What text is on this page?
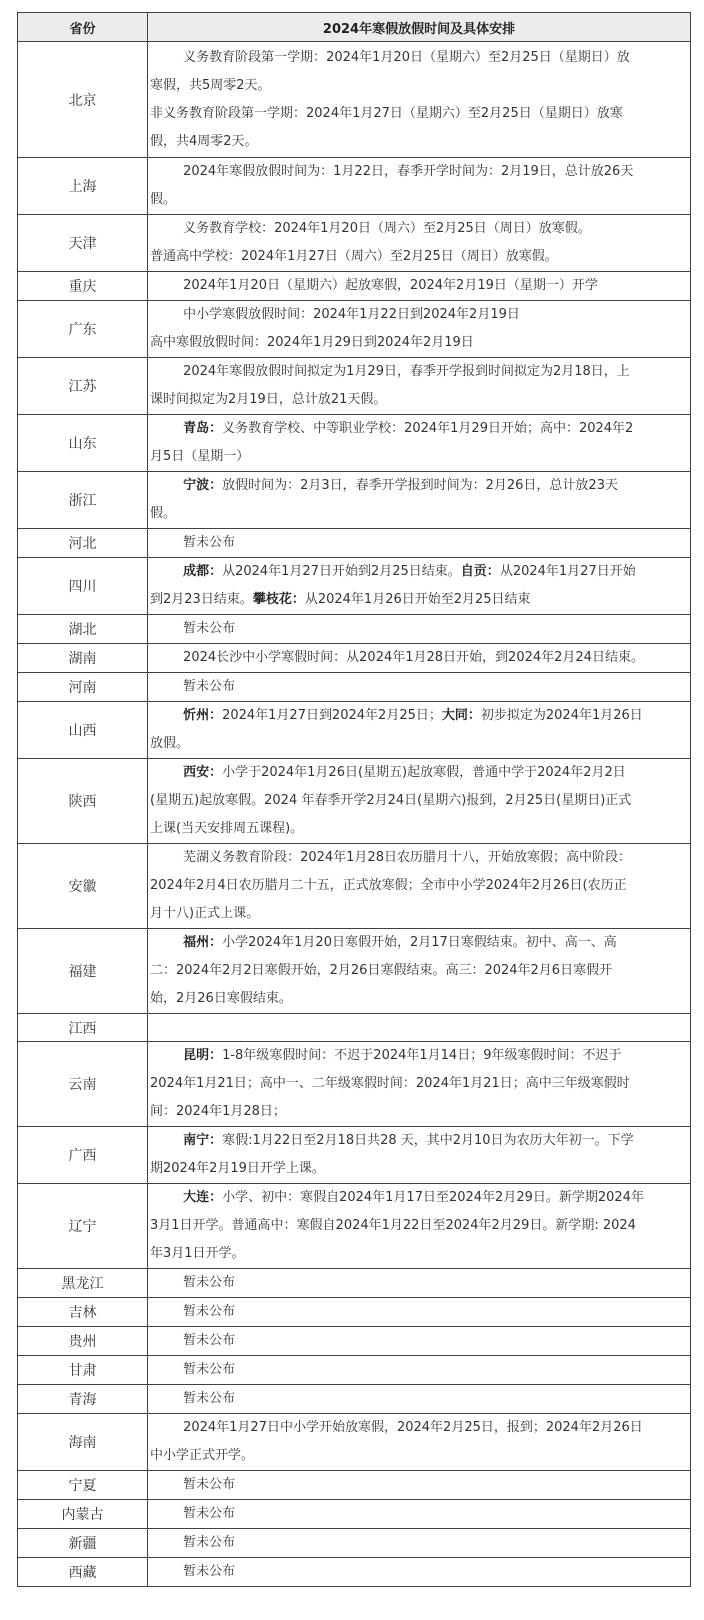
省份	2024年寒假放假时间及具体安排
北京	义务教育阶段第一学期：2024年1月20日（星期六）至2月25日（星期日）放
寒假，共5周零2天。
非义务教育阶段第一学期：2024年1月27日（星期六）至2月25日（星期日）放寒
假，共4周零2天。

上海	2024年寒假放假时间为：1月22日，春季开学时间为：2月19日，总计放26天
假。

天津	义务教育学校：2024年1月20日（周六）至2月25日（周日）放寒假。
普通高中学校：2024年1月27日（周六）至2月25日（周日）放寒假。

重庆	2024年1月20日（星期六）起放寒假，2024年2月19日（星期一）开学

广东	中小学寒假放假时间：2024年1月22日到2024年2月19日
高中寒假放假时间：2024年1月29日到2024年2月19日

江苏	2024年寒假放假时间拟定为1月29日，春季开学报到时间拟定为2月18日，上
课时间拟定为2月19日，总计放21天假。

山东	青岛：义务教育学校、中等职业学校：2024年1月29日开始；高中：2024年2
月5日（星期一）

浙江	宁波：放假时间为：2月3日，春季开学报到时间为：2月26日，总计放23天
假。

河北	暂未公布

四川	成都：从2024年1月27日开始到2月25日结束。自贡：从2024年1月27日开始
到2月23日结束。攀枝花：从2024年1月26日开始至2月25日结束

湖北	暂未公布

湖南	2024长沙中小学寒假时间：从2024年1月28日开始，到2024年2月24日结束。

河南	暂未公布

山西	忻州：2024年1月27日到2024年2月25日；大同：初步拟定为2024年1月26日
放假。

陕西	西安：小学于2024年1月26日(星期五)起放寒假，普通中学于2024年2月2日
(星期五)起放寒假。2024 年春季开学2月24日(星期六)报到，2月25日(星期日)正式
上课(当天安排周五课程)。

安徽	芜湖义务教育阶段：2024年1月28日农历腊月十八，开始放寒假；高中阶段：
2024年2月4日农历腊月二十五，正式放寒假；全市中小学2024年2月26日(农历正
月十八)正式上课。

福建	福州：小学2024年1月20日寒假开始，2月17日寒假结束。初中、高一、高
二：2024年2月2日寒假开始，2月26日寒假结束。高三：2024年2月6日寒假开
始，2月26日寒假结束。

江西	

云南	昆明：1-8年级寒假时间：不迟于2024年1月14日；9年级寒假时间：不迟于
2024年1月21日；高中一、二年级寒假时间：2024年1月21日；高中三年级寒假时
间：2024年1月28日；

广西	南宁：寒假:1月22日至2月18日共28 天，其中2月10日为农历大年初一。下学
期2024年2月19日开学上课。

辽宁	大连：小学、初中：寒假自2024年1月17日至2024年2月29日。新学期2024年
3月1日开学。普通高中：寒假自2024年1月22日至2024年2月29日。新学期: 2024
年3月1日开学。

黑龙江	暂未公布

吉林	暂未公布

贵州	暂未公布

甘肃	暂未公布

青海	暂未公布

海南	2024年1月27日中小学开始放寒假，2024年2月25日，报到；2024年2月26日
中小学正式开学。

宁夏	暂未公布

内蒙古	暂未公布

新疆	暂未公布

西藏	暂未公布
